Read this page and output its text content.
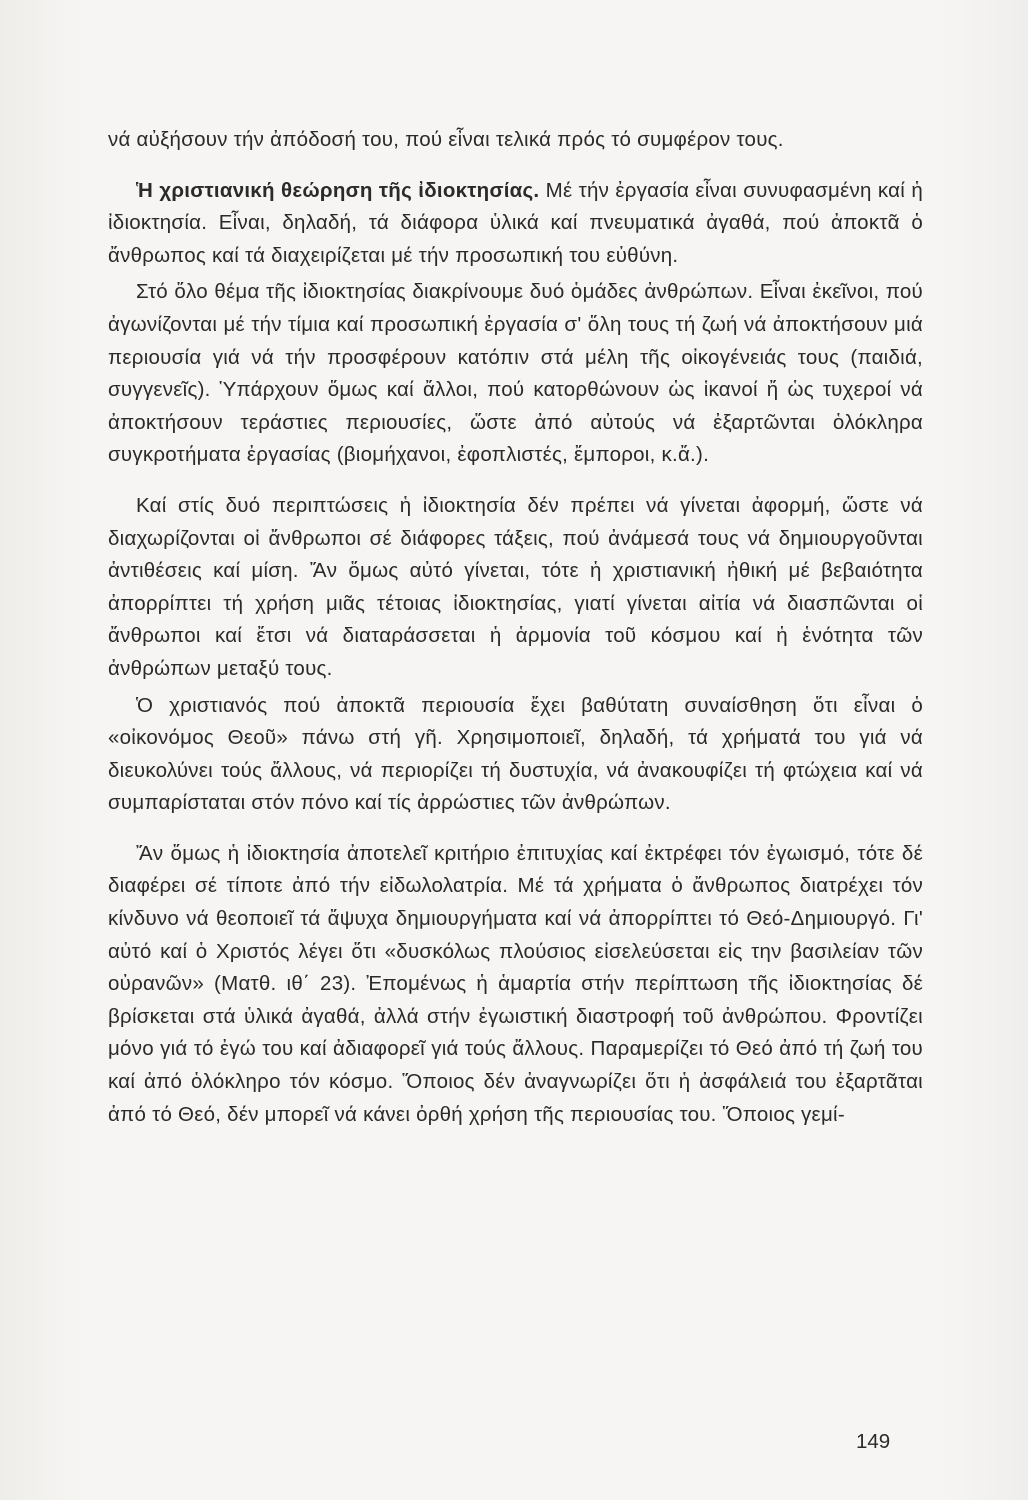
νά αὐξήσουν τήν ἀπόδοσή του, πού εἶναι τελικά πρός τό συμφέρον τους.

Ἡ χριστιανική θεώρηση τῆς ἰδιοκτησίας. Μέ τήν ἐργασία εἶναι συνυφασμένη καί ἡ ἰδιοκτησία. Εἶναι, δηλαδή, τά διάφορα ὑλικά καί πνευματικά ἀγαθά, πού ἀποκτᾶ ὁ ἄνθρωπος καί τά διαχειρίζεται μέ τήν προσωπική του εὐθύνη.

Στό ὅλο θέμα τῆς ἰδιοκτησίας διακρίνουμε δυό ὁμάδες ἀνθρώπων. Εἶναι ἐκεῖνοι, πού ἀγωνίζονται μέ τήν τίμια καί προσωπική ἐργασία σ' ὅλη τους τή ζωή νά ἀποκτήσουν μιά περιουσία γιά νά τήν προσφέρουν κατόπιν στά μέλη τῆς οἰκογένειάς τους (παιδιά, συγγενεῖς). Ὑπάρχουν ὅμως καί ἄλλοι, πού κατορθώνουν ὡς ἱκανοί ἤ ὡς τυχεροί νά ἀποκτήσουν τεράστιες περιουσίες, ὥστε ἀπό αὐτούς νά ἐξαρτῶνται ὁλόκληρα συγκροτήματα ἐργασίας (βιομήχανοι, ἐφοπλιστές, ἔμποροι, κ.ἄ.).

Καί στίς δυό περιπτώσεις ἡ ἰδιοκτησία δέν πρέπει νά γίνεται ἀφορμή, ὥστε νά διαχωρίζονται οἱ ἄνθρωποι σέ διάφορες τάξεις, πού ἀνάμεσά τους νά δημιουργοῦνται ἀντιθέσεις καί μίση. Ἄν ὅμως αὐτό γίνεται, τότε ἡ χριστιανική ἠθική μέ βεβαιότητα ἀπορρίπτει τή χρήση μιᾶς τέτοιας ἰδιοκτησίας, γιατί γίνεται αἰτία νά διασπῶνται οἱ ἄνθρωποι καί ἔτσι νά διαταράσσεται ἡ ἁρμονία τοῦ κόσμου καί ἡ ἑνότητα τῶν ἀνθρώπων μεταξύ τους.

Ὁ χριστιανός πού ἀποκτᾶ περιουσία ἔχει βαθύτατη συναίσθηση ὅτι εἶναι ὁ «οἰκονόμος Θεοῦ» πάνω στή γῆ. Χρησιμοποιεῖ, δηλαδή, τά χρήματά του γιά νά διευκολύνει τούς ἄλλους, νά περιορίζει τή δυστυχία, νά ἀνακουφίζει τή φτώχεια καί νά συμπαρίσταται στόν πόνο καί τίς ἀρρώστιες τῶν ἀνθρώπων.

Ἄν ὅμως ἡ ἰδιοκτησία ἀποτελεῖ κριτήριο ἐπιτυχίας καί ἐκτρέφει τόν ἐγωισμό, τότε δέ διαφέρει σέ τίποτε ἀπό τήν εἰδωλολατρία. Μέ τά χρήματα ὁ ἄνθρωπος διατρέχει τόν κίνδυνο νά θεοποιεῖ τά ἄψυχα δημιουργήματα καί νά ἀπορρίπτει τό Θεό-Δημιουργό. Γι' αὐτό καί ὁ Χριστός λέγει ὅτι «δυσκόλως πλούσιος εἰσελεύσεται εἰς την βασιλείαν τῶν οὐρανῶν» (Ματθ. ιθ΄ 23). Ἐπομένως ἡ ἁμαρτία στήν περίπτωση τῆς ἰδιοκτησίας δέ βρίσκεται στά ὑλικά ἀγαθά, ἀλλά στήν ἐγωιστική διαστροφή τοῦ ἀνθρώπου. Φροντίζει μόνο γιά τό ἐγώ του καί ἀδιαφορεῖ γιά τούς ἄλλους. Παραμερίζει τό Θεό ἀπό τή ζωή του καί ἀπό ὁλόκληρο τόν κόσμο. Ὅποιος δέν ἀναγνωρίζει ὅτι ἡ ἀσφάλειά του ἐξαρτᾶται ἀπό τό Θεό, δέν μπορεῖ νά κάνει ὀρθή χρήση τῆς περιουσίας του. Ὅποιος γεμί-

149
